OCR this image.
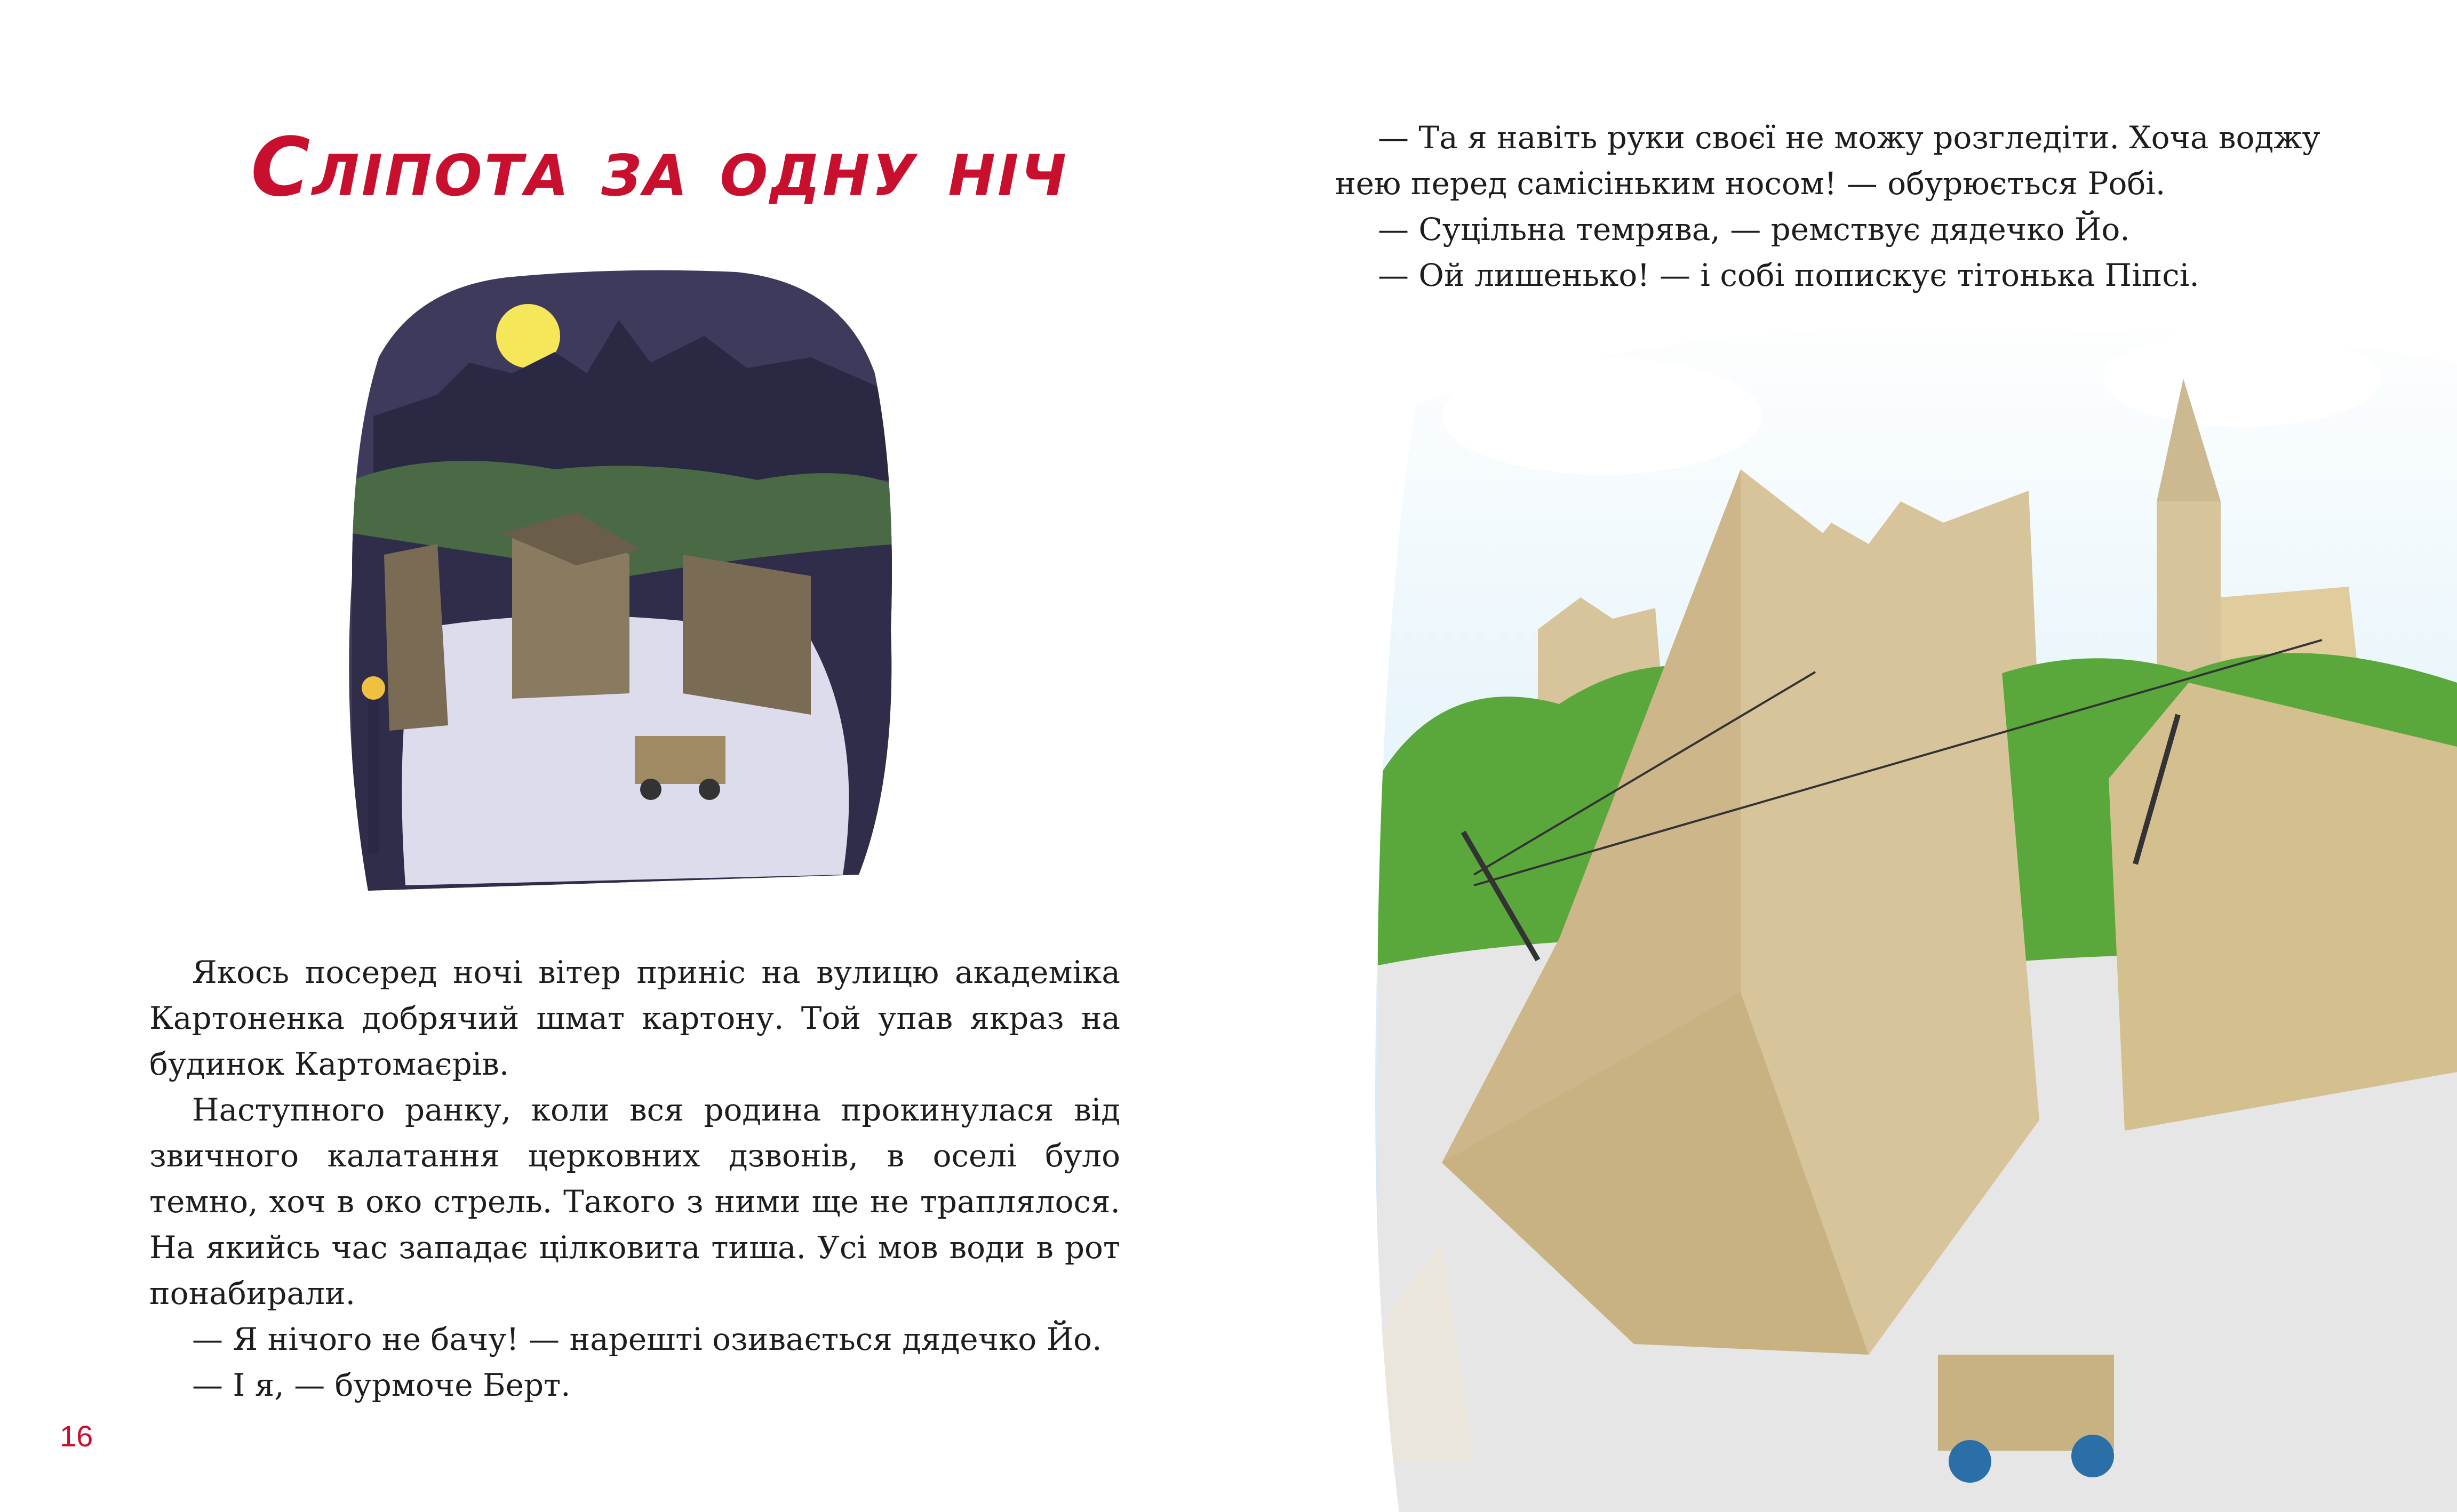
Сліпота за одну ніч

Якось посеред ночі вітер приніс на вулицю академіка Картоненка добрячий шмат картону. Той упав якраз на будинок Картомаєрів.

Наступного ранку, коли вся родина прокинулася від звичного калатання церковних дзвонів, в оселі було темно, хоч в око стрель. Такого з ними ще не траплялося. На якийсь час западає цілковита тиша. Усі мов води в рот понабирали.

— Я нічого не бачу! — нарешті озивається дядечко Йо.

— І я, — бурмоче Берт.

16

— Та я навіть руки своєї не можу розгледіти. Хоча воджу нею перед самісіньким носом! — обурюється Робі.

— Суцільна темрява, — ремствує дядечко Йо.

— Ой лишенько! — і собі попискує тітонька Піпсі.
